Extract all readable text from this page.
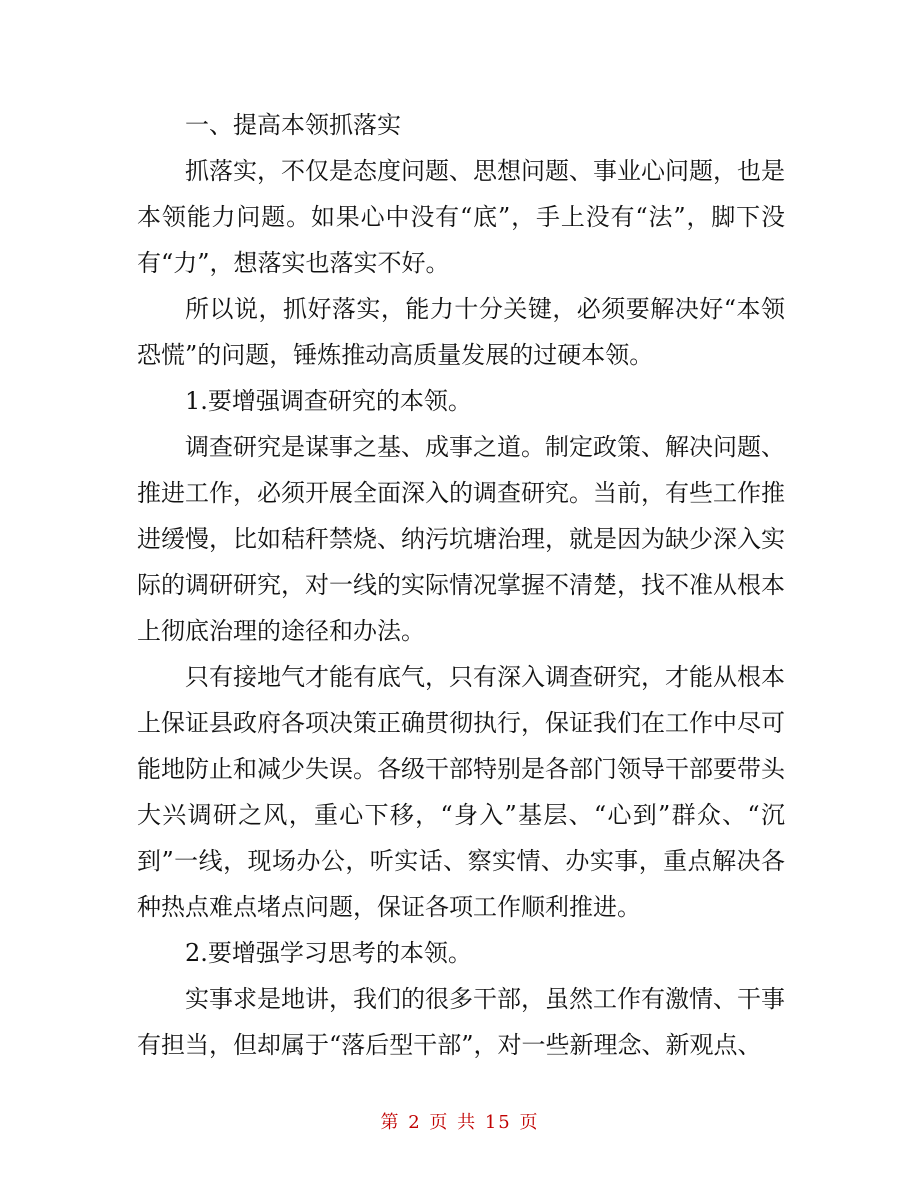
一、提高本领抓落实

抓落实，不仅是态度问题、思想问题、事业心问题，也是本领能力问题。如果心中没有“底”，手上没有“法”，脚下没有“力”，想落实也落实不好。

所以说，抓好落实，能力十分关键，必须要解决好“本领恐慌”的问题，锤炼推动高质量发展的过硬本领。

1.要增强调查研究的本领。

调查研究是谋事之基、成事之道。制定政策、解决问题、推进工作，必须开展全面深入的调查研究。当前，有些工作推进缓慢，比如秸秆禁烧、纳污坑塘治理，就是因为缺少深入实际的调研研究，对一线的实际情况掌握不清楚，找不准从根本上彻底治理的途径和办法。

只有接地气才能有底气，只有深入调查研究，才能从根本上保证县政府各项决策正确贯彻执行，保证我们在工作中尽可能地防止和减少失误。各级干部特别是各部门领导干部要带头大兴调研之风，重心下移，“身入”基层、“心到”群众、“沉到”一线，现场办公，听实话、察实情、办实事，重点解决各种热点难点堵点问题，保证各项工作顺利推进。

2.要增强学习思考的本领。

实事求是地讲，我们的很多干部，虽然工作有激情、干事有担当，但却属于“落后型干部”，对一些新理念、新观点、

第 2 页 共 15 页
